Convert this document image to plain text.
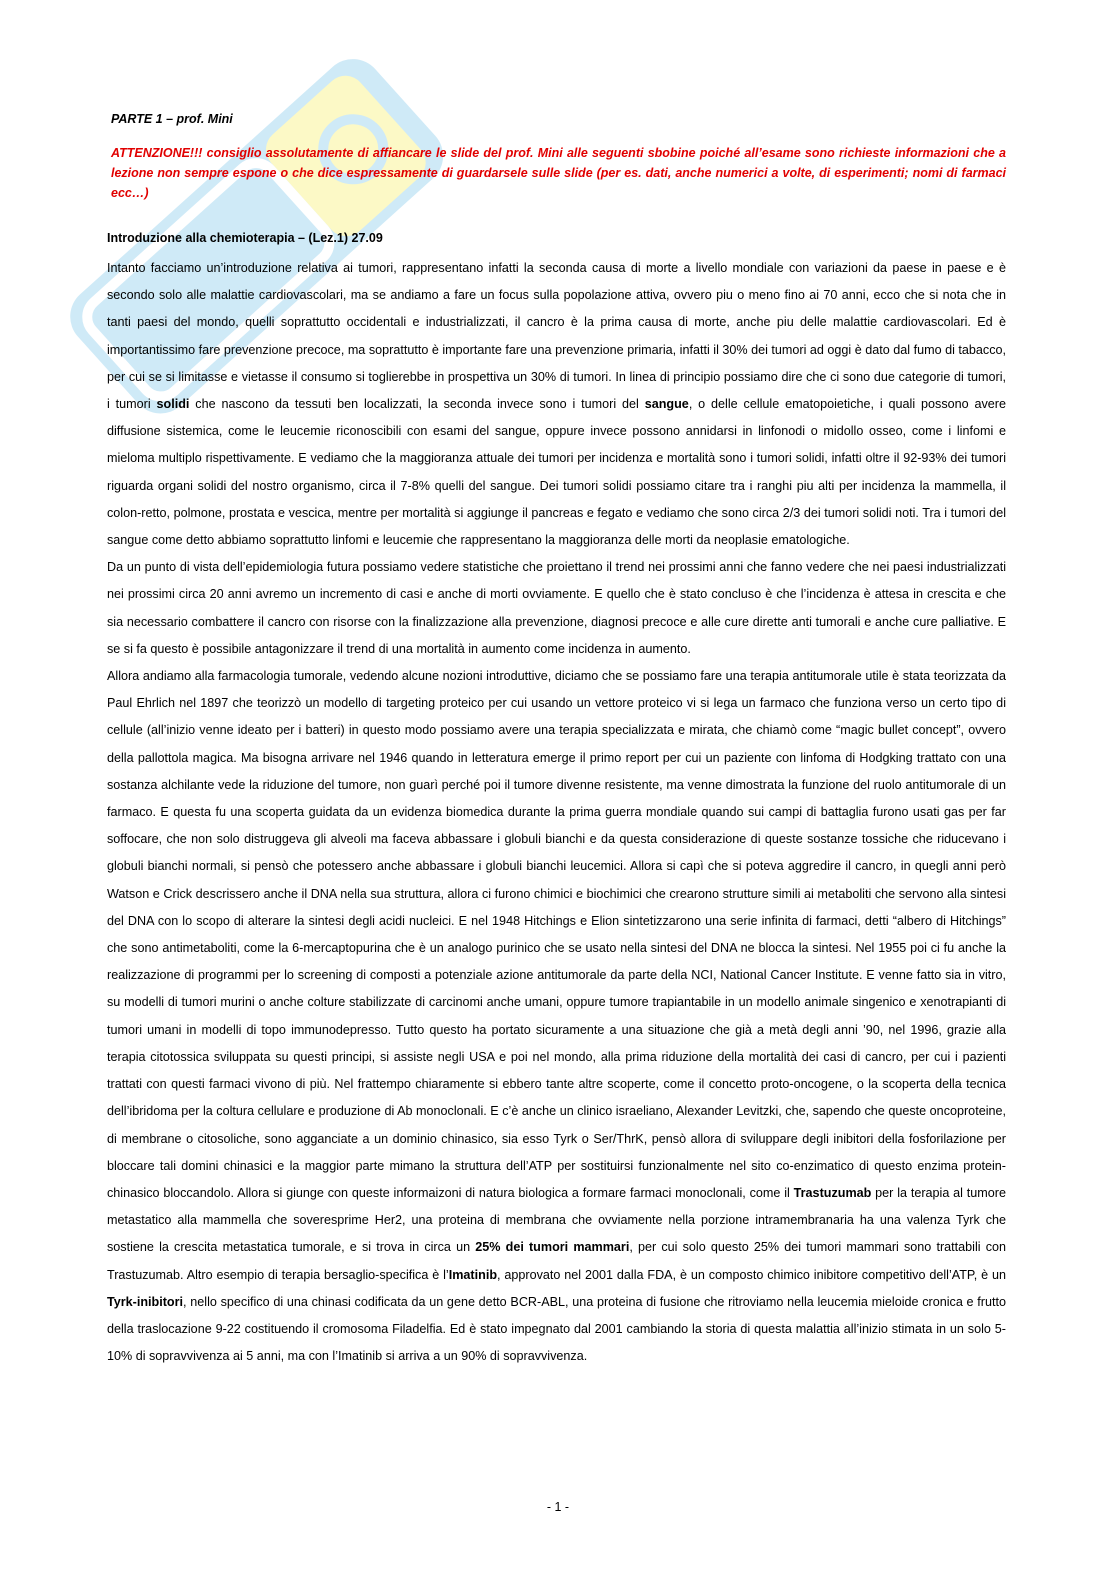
PARTE 1 – prof. Mini
ATTENZIONE!!! consiglio assolutamente di affiancare le slide del prof. Mini alle seguenti sbobine poiché all’esame sono richieste informazioni che a lezione non sempre espone o che dice espressamente di guardarsele sulle slide (per es. dati, anche numerici a volte, di esperimenti; nomi di farmaci ecc…)
Introduzione alla chemioterapia – (Lez.1) 27.09

Intanto facciamo un’introduzione relativa ai tumori, rappresentano infatti la seconda causa di morte a livello mondiale con variazioni da paese in paese e è secondo solo alle malattie cardiovascolari, ma se andiamo a fare un focus sulla popolazione attiva, ovvero piu o meno fino ai 70 anni, ecco che si nota che in tanti paesi del mondo, quelli soprattutto occidentali e industrializzati, il cancro è la prima causa di morte, anche piu delle malattie cardiovascolari. Ed è importantissimo fare prevenzione precoce, ma soprattutto è importante fare una prevenzione primaria, infatti il 30% dei tumori ad oggi è dato dal fumo di tabacco, per cui se si limitasse e vietasse il consumo si toglierebbe in prospettiva un 30% di tumori. In linea di principio possiamo dire che ci sono due categorie di tumori, i tumori solidi che nascono da tessuti ben localizzati, la seconda invece sono i tumori del sangue, o delle cellule ematopoietiche, i quali possono avere diffusione sistemica, come le leucemie riconoscibili con esami del sangue, oppure invece possono annidarsi in linfonodi o midollo osseo, come i linfomi e mieloma multiplo rispettivamente. E vediamo che la maggioranza attuale dei tumori per incidenza e mortalità sono i tumori solidi, infatti oltre il 92-93% dei tumori riguarda organi solidi del nostro organismo, circa il 7-8% quelli del sangue. Dei tumori solidi possiamo citare tra i ranghi piu alti per incidenza la mammella, il colon-retto, polmone, prostata e vescica, mentre per mortalità si aggiunge il pancreas e fegato e vediamo che sono circa 2/3 dei tumori solidi noti. Tra i tumori del sangue come detto abbiamo soprattutto linfomi e leucemie che rappresentano la maggioranza delle morti da neoplasie ematologiche.

Da un punto di vista dell’epidemiologia futura possiamo vedere statistiche che proiettano il trend nei prossimi anni che fanno vedere che nei paesi industrializzati nei prossimi circa 20 anni avremo un incremento di casi e anche di morti ovviamente. E quello che è stato concluso è che l’incidenza è attesa in crescita e che sia necessario combattere il cancro con risorse con la finalizzazione alla prevenzione, diagnosi precoce e alle cure dirette anti tumorali e anche cure palliative. E se si fa questo è possibile antagonizzare il trend di una mortalità in aumento come incidenza in aumento.

Allora andiamo alla farmacologia tumorale, vedendo alcune nozioni introduttive, diciamo che se possiamo fare una terapia antitumorale utile è stata teorizzata da Paul Ehrlich nel 1897 che teorizzò un modello di targeting proteico per cui usando un vettore proteico vi si lega un farmaco che funziona verso un certo tipo di cellule (all’inizio venne ideato per i batteri) in questo modo possiamo avere una terapia specializzata e mirata, che chiamò come “magic bullet concept”, ovvero della pallottola magica. Ma bisogna arrivare nel 1946 quando in letteratura emerge il primo report per cui un paziente con linfoma di Hodgking trattato con una sostanza alchilante vede la riduzione del tumore, non guarì perché poi il tumore divenne resistente, ma venne dimostrata la funzione del ruolo antitumorale di un farmaco. E questa fu una scoperta guidata da un evidenza biomedica durante la prima guerra mondiale quando sui campi di battaglia furono usati gas per far soffocare, che non solo distruggeva gli alveoli ma faceva abbassare i globuli bianchi e da questa considerazione di queste sostanze tossiche che riducevano i globuli bianchi normali, si pensò che potessero anche abbassare i globuli bianchi leucemici. Allora si capì che si poteva aggredire il cancro, in quegli anni però Watson e Crick descrissero anche il DNA nella sua struttura, allora ci furono chimici e biochimici che crearono strutture simili ai metaboliti che servono alla sintesi del DNA con lo scopo di alterare la sintesi degli acidi nucleici. E nel 1948 Hitchings e Elion sintetizzarono una serie infinita di farmaci, detti “albero di Hitchings” che sono antimetaboliti, come la 6-mercaptopurina che è un analogo purinico che se usato nella sintesi del DNA ne blocca la sintesi. Nel 1955 poi ci fu anche la realizzazione di programmi per lo screening di composti a potenziale azione antitumorale da parte della NCI, National Cancer Institute. E venne fatto sia in vitro, su modelli di tumori murini o anche colture stabilizzate di carcinomi anche umani, oppure tumore trapiantabile in un modello animale singenico e xenotrapianti di tumori umani in modelli di topo immunodepresso. Tutto questo ha portato sicuramente a una situazione che già a metà degli anni ’90, nel 1996, grazie alla terapia citotossica sviluppata su questi principi, si assiste negli USA e poi nel mondo, alla prima riduzione della mortalità dei casi di cancro, per cui i pazienti trattati con questi farmaci vivono di più. Nel frattempo chiaramente si ebbero tante altre scoperte, come il concetto proto-oncogene, o la scoperta della tecnica dell’ibridoma per la coltura cellulare e produzione di Ab monoclonali. E c’è anche un clinico israeliano, Alexander Levitzki, che, sapendo che queste oncoproteine, di membrane o citosoliche, sono agganciate a un dominio chinasico, sia esso Tyrk o Ser/ThrK, pensò allora di sviluppare degli inibitori della fosforilazione per bloccare tali domini chinasici e la maggior parte mimano la struttura dell’ATP per sostituirsi funzionalmente nel sito co-enzimatico di questo enzima protein-chinasico bloccandolo. Allora si giunge con queste informaizoni di natura biologica a formare farmaci monoclonali, come il Trastuzumab per la terapia al tumore metastatico alla mammella che soveresprime Her2, una proteina di membrana che ovviamente nella porzione intramembranaria ha una valenza Tyrk che sostiene la crescita metastatica tumorale, e si trova in circa un 25% dei tumori mammari, per cui solo questo 25% dei tumori mammari sono trattabili con Trastuzumab. Altro esempio di terapia bersaglio-specifica è l’Imatinib, approvato nel 2001 dalla FDA, è un composto chimico inibitore competitivo dell’ATP, è un Tyrk-inibitori, nello specifico di una chinasi codificata da un gene detto BCR-ABL, una proteina di fusione che ritroviamo nella leucemia mieloide cronica e frutto della traslocazione 9-22 costituendo il cromosoma Filadelfia. Ed è stato impegnato dal 2001 cambiando la storia di questa malattia all’inizio stimata in un solo 5-10% di sopravvivenza ai 5 anni, ma con l’Imatinib si arriva a un 90% di sopravvivenza.

- 1 -
